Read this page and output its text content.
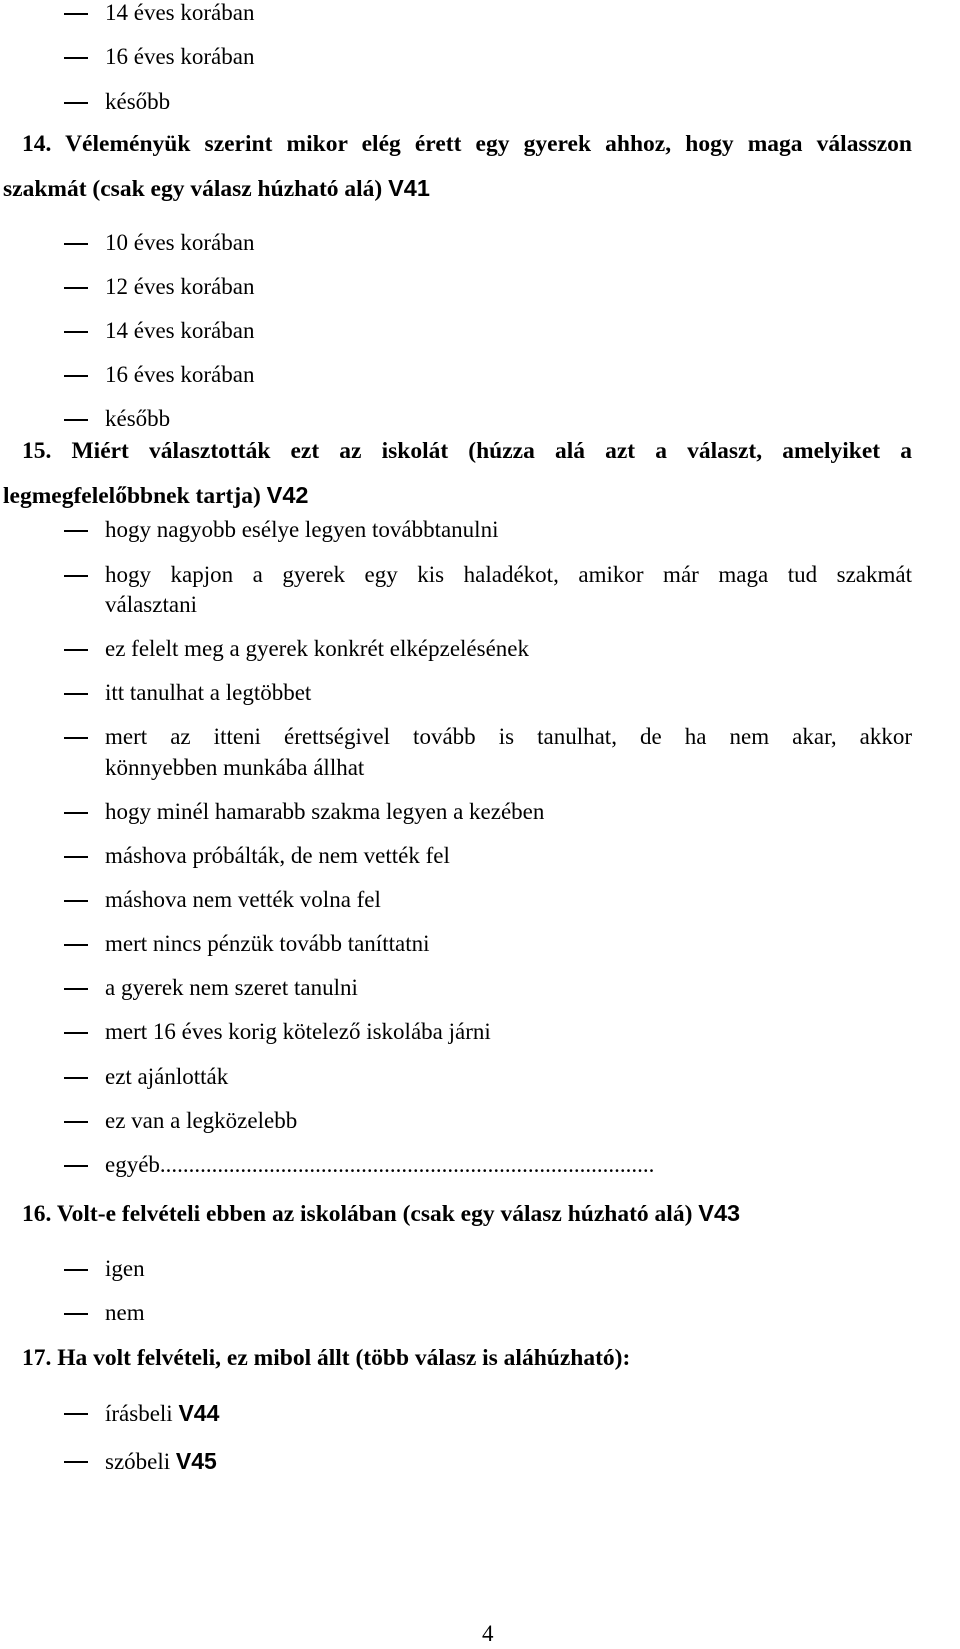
14 éves korában
16 éves korában
később
14. Véleményük szerint mikor elég érett egy gyerek ahhoz, hogy maga válasszon
szakmát (csak egy válasz húzható alá) V41
10 éves korában
12 éves korában
14 éves korában
16 éves korában
később
15. Miért választották ezt az iskolát (húzza alá azt a választ, amelyiket a
legmegfelelőbbnek tartja) V42
hogy nagyobb esélye legyen továbbtanulni
hogy kapjon a gyerek egy kis haladékot, amikor már maga tud szakmát
választani
ez felelt meg a gyerek konkrét elképzelésének
itt tanulhat a legtöbbet
mert az itteni érettségivel tovább is tanulhat, de ha nem akar, akkor
könnyebben munkába állhat
hogy minél hamarabb szakma legyen a kezében
máshova próbálták, de nem vették fel
máshova nem vették volna fel
mert nincs pénzük tovább taníttatni
a gyerek nem szeret tanulni
mert 16 éves korig kötelező iskolába járni
ezt ajánlották
ez van a legközelebb
egyéb......................................................................................
16. Volt-e felvételi ebben az iskolában (csak egy válasz húzható alá) V43
igen
nem
17. Ha volt felvételi, ez mibol állt (több válasz is aláhúzható):
írásbeli V44
szóbeli V45
4
